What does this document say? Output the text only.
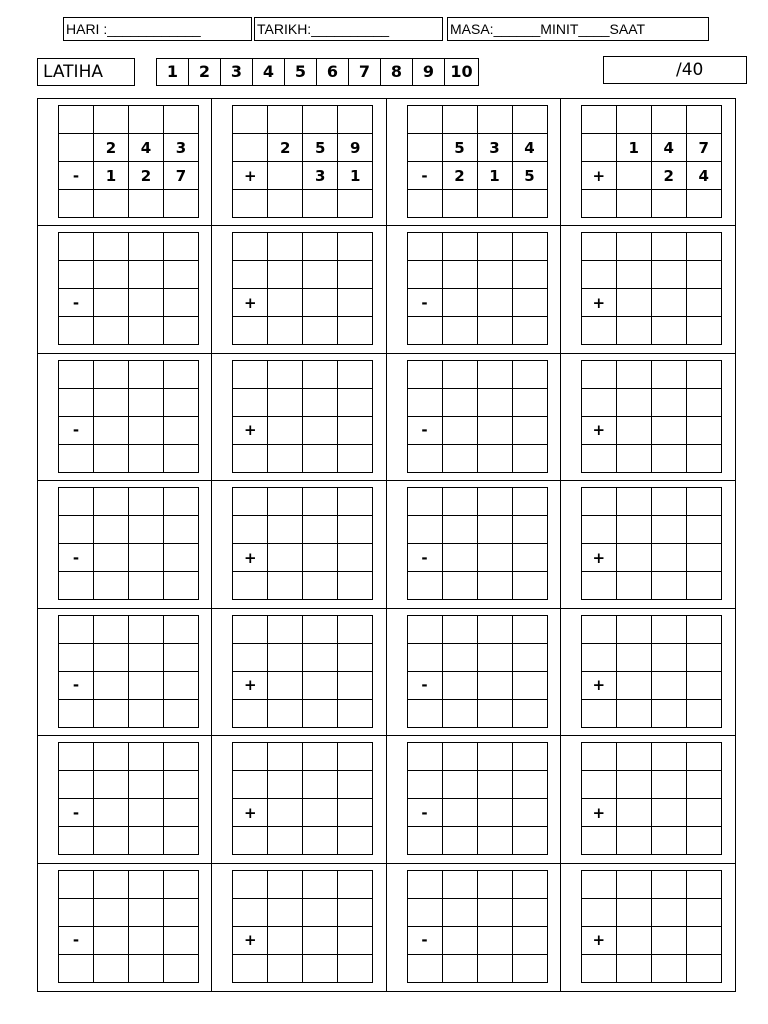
HARI :____________	TARIKH:__________	MASA:______MINIT____SAAT
LATIHA	1	2	3	4	5	6	7	8	9	10	/40

	2	4	3
-	1	2	7

	2	5	9
+		3	1

	5	3	4
-	2	1	5

	1	4	7
+		2	4

-			

				+			

				-			

				+			

-			

				+			

				-			

				+			

-			

				+			

				-			

				+			

-			

				+			

				-			

				+			

-			

				+			

				-			

				+			

-			

				+			

				-			

				+			
